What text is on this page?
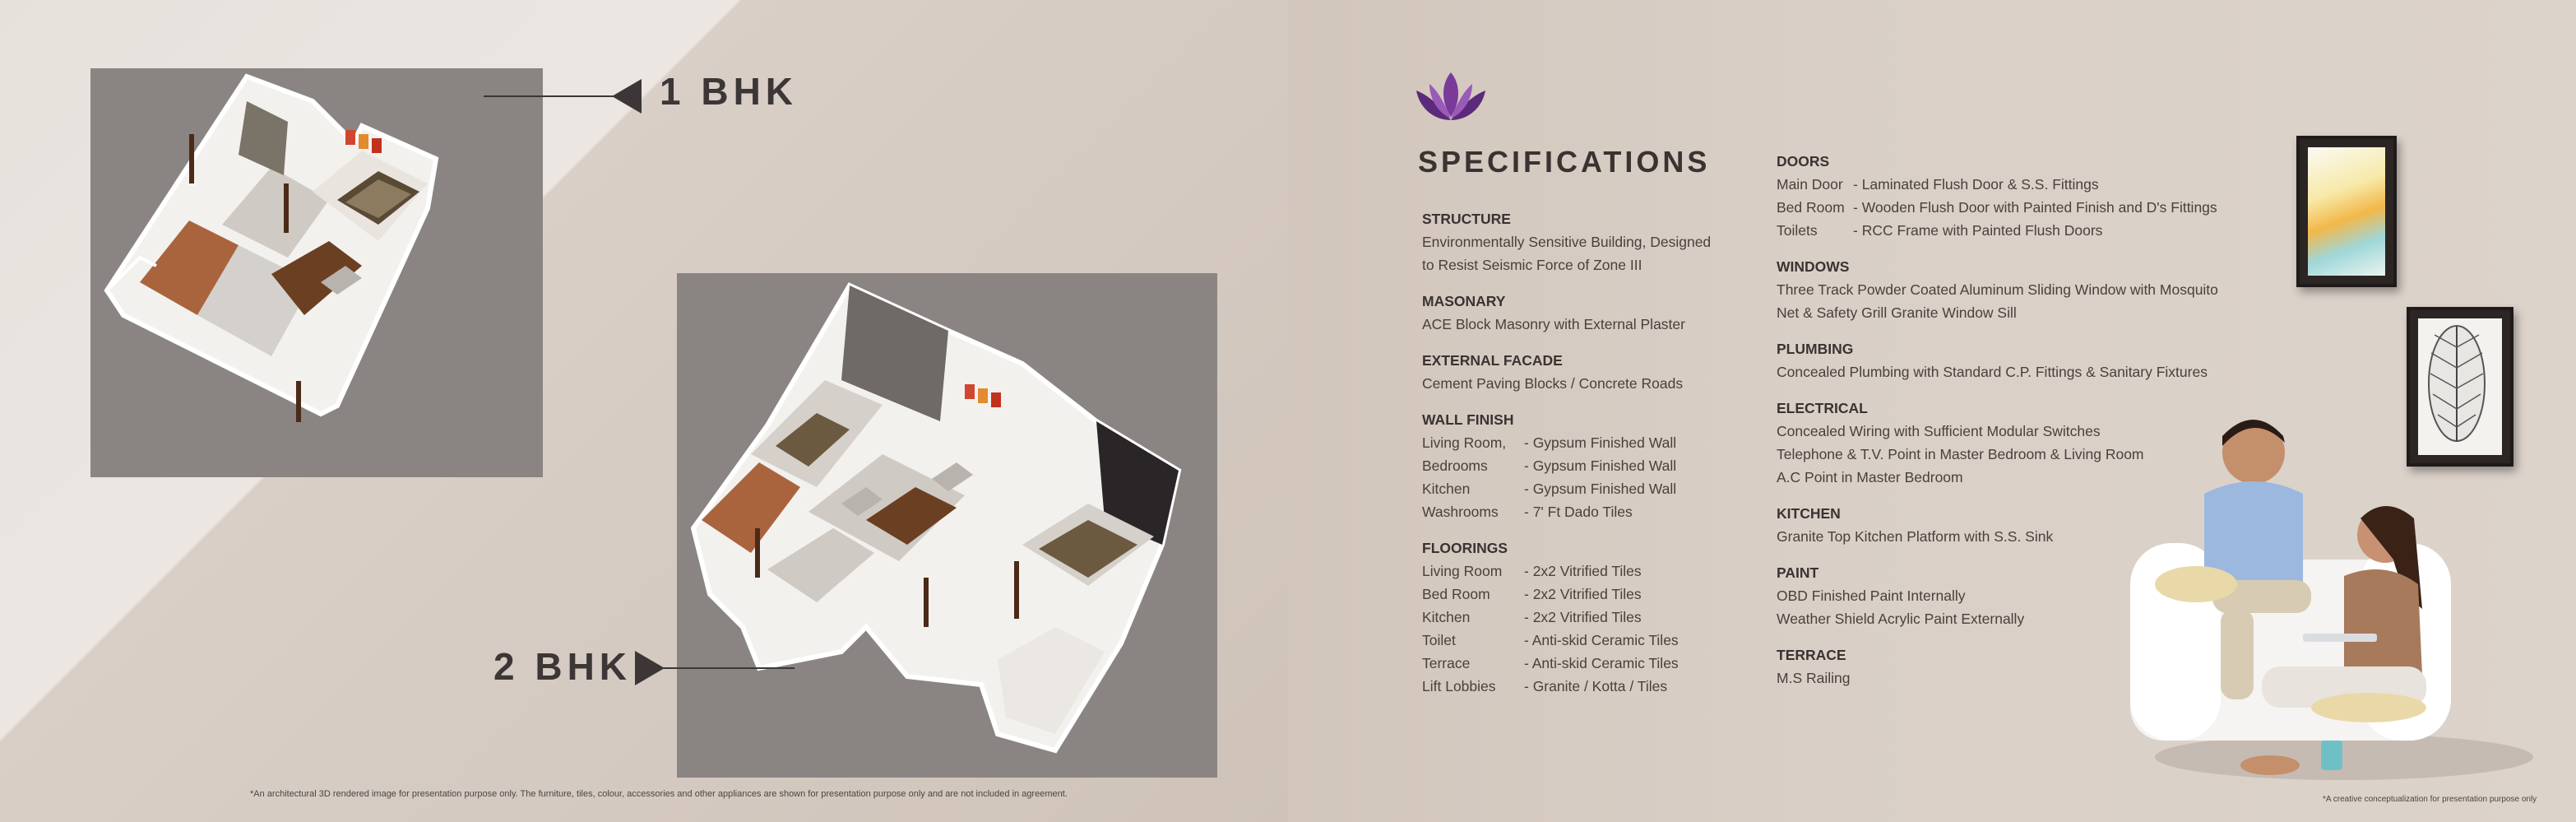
1 BHK
2 BHK
*An architectural 3D rendered image for presentation purpose only. The furniture, tiles, colour, accessories and other appliances are shown for presentation purpose only and are not included in agreement.
SPECIFICATIONS
STRUCTURE
Environmentally Sensitive Building, Designed
to Resist Seismic Force of Zone III
MASONARY
ACE Block Masonry with External Plaster
EXTERNAL FACADE
Cement Paving Blocks / Concrete Roads
WALL FINISH
Living Room, - Gypsum Finished Wall
Bedrooms	- Gypsum Finished Wall
Kitchen	- Gypsum Finished Wall
Washrooms - 7' Ft Dado Tiles
FLOORINGS
Living Room - 2x2 Vitrified Tiles
Bed Room - 2x2 Vitrified Tiles
Kitchen	- 2x2 Vitrified Tiles
Toilet	- Anti-skid Ceramic Tiles
Terrace	- Anti-skid Ceramic Tiles
Lift Lobbies - Granite / Kotta / Tiles
DOORS
Main Door - Laminated Flush Door & S.S. Fittings
Bed Room - Wooden Flush Door with Painted Finish and D's Fittings
Toilets - RCC Frame with Painted Flush Doors
WINDOWS
Three Track Powder Coated Aluminum Sliding Window with Mosquito
Net & Safety Grill Granite Window Sill
PLUMBING
Concealed Plumbing with Standard C.P. Fittings & Sanitary Fixtures
ELECTRICAL
Concealed Wiring with Sufficient Modular Switches
Telephone & T.V. Point in Master Bedroom & Living Room
A.C Point in Master Bedroom
KITCHEN
Granite Top Kitchen Platform with S.S. Sink
PAINT
OBD Finished Paint Internally
Weather Shield Acrylic Paint Externally
TERRACE
M.S Railing
*A creative conceptualization for presentation purpose only
